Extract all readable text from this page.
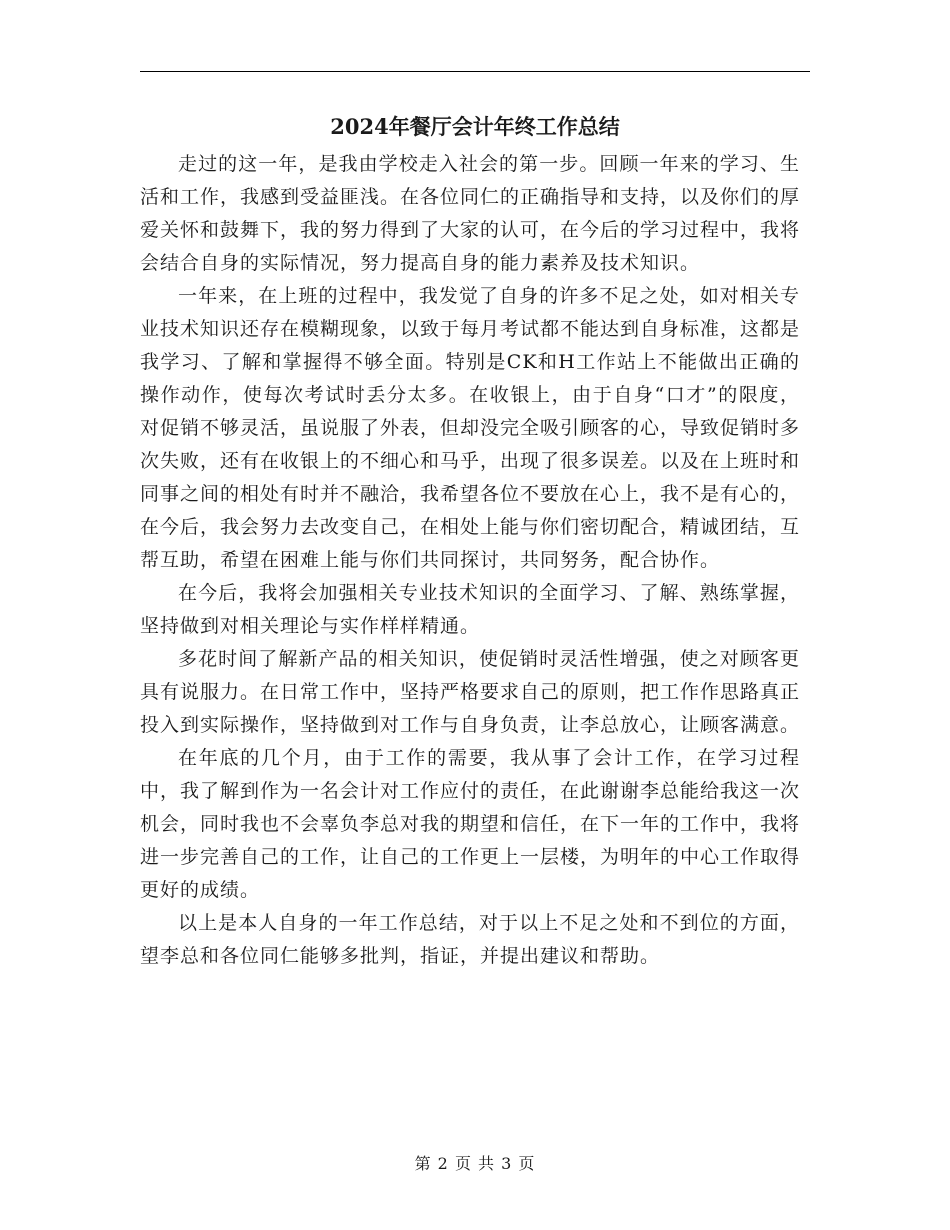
2024年餐厅会计年终工作总结

走过的这一年，是我由学校走入社会的第一步。回顾一年来的学习、生活和工作，我感到受益匪浅。在各位同仁的正确指导和支持，以及你们的厚爱关怀和鼓舞下，我的努力得到了大家的认可，在今后的学习过程中，我将会结合自身的实际情况，努力提高自身的能力素养及技术知识。

一年来，在上班的过程中，我发觉了自身的许多不足之处，如对相关专业技术知识还存在模糊现象，以致于每月考试都不能达到自身标准，这都是我学习、了解和掌握得不够全面。特别是CK和H工作站上不能做出正确的操作动作，使每次考试时丢分太多。在收银上，由于自身“口才”的限度，对促销不够灵活，虽说服了外表，但却没完全吸引顾客的心，导致促销时多次失败，还有在收银上的不细心和马乎，出现了很多误差。以及在上班时和同事之间的相处有时并不融洽，我希望各位不要放在心上，我不是有心的，在今后，我会努力去改变自己，在相处上能与你们密切配合，精诚团结，互帮互助，希望在困难上能与你们共同探讨，共同努务，配合协作。

在今后，我将会加强相关专业技术知识的全面学习、了解、熟练掌握，坚持做到对相关理论与实作样样精通。

多花时间了解新产品的相关知识，使促销时灵活性增强，使之对顾客更具有说服力。在日常工作中，坚持严格要求自己的原则，把工作作思路真正投入到实际操作，坚持做到对工作与自身负责，让李总放心，让顾客满意。

在年底的几个月，由于工作的需要，我从事了会计工作，在学习过程中，我了解到作为一名会计对工作应付的责任，在此谢谢李总能给我这一次机会，同时我也不会辜负李总对我的期望和信任，在下一年的工作中，我将进一步完善自己的工作，让自己的工作更上一层楼，为明年的中心工作取得更好的成绩。

以上是本人自身的一年工作总结，对于以上不足之处和不到位的方面，望李总和各位同仁能够多批判，指证，并提出建议和帮助。

第 2 页 共 3 页
